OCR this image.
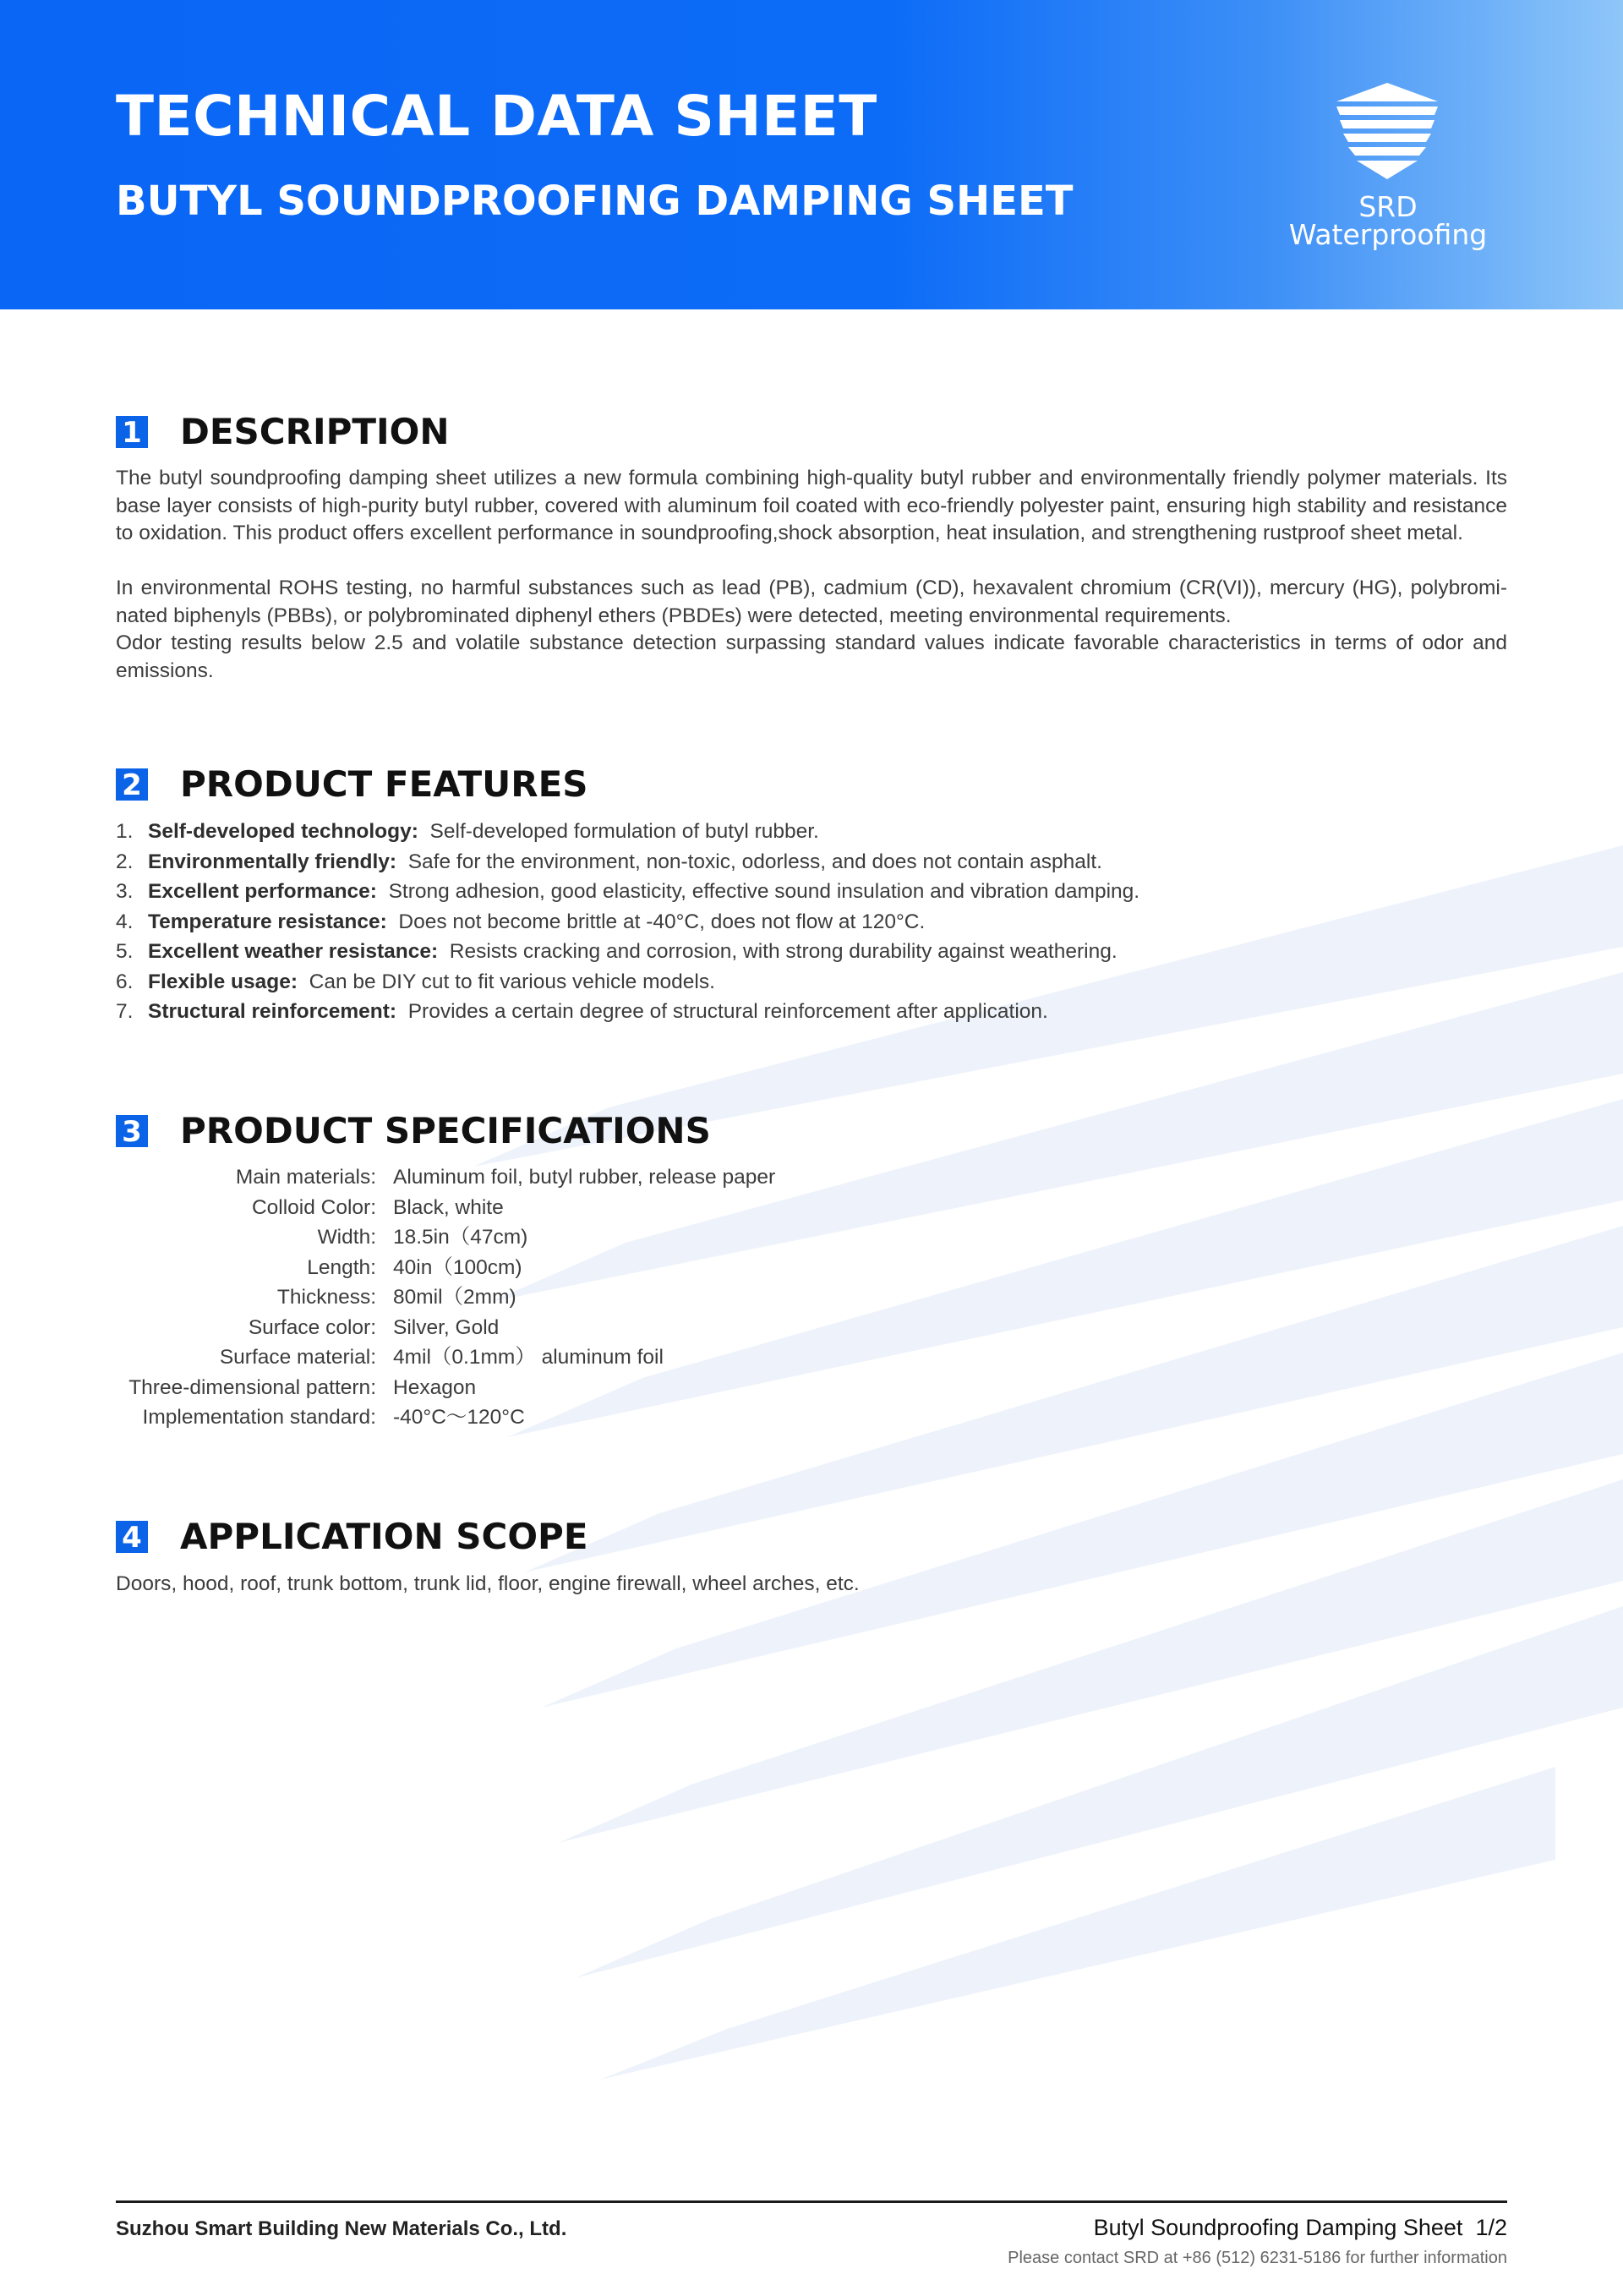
TECHNICAL DATA SHEET
BUTYL SOUNDPROOFING DAMPING SHEET	SRD Waterproofing
1 DESCRIPTION

The butyl soundproofing damping sheet utilizes a new formula combining high-quality butyl rubber and environmentally friendly polymer materials. Its base layer consists of high-purity butyl rubber, covered with aluminum foil coated with eco-friendly polyester paint, ensuring high stability and resistance to oxidation. This product offers excellent performance in soundproofing,shock absorption, heat insulation, and strengthening rustproof sheet metal.

In environmental ROHS testing, no harmful substances such as lead (PB), cadmium (CD), hexavalent chromium (CR(VI)), mercury (HG), polybromi-nated biphenyls (PBBs), or polybrominated diphenyl ethers (PBDEs) were detected, meeting environmental requirements.

Odor testing results below 2.5 and volatile substance detection surpassing standard values indicate favorable characteristics in terms of odor and emissions.

2 PRODUCT FEATURES
1. Self-developed technology: Self-developed formulation of butyl rubber.
2. Environmentally friendly: Safe for the environment, non-toxic, odorless, and does not contain asphalt.
3. Excellent performance: Strong adhesion, good elasticity, effective sound insulation and vibration damping.
4. Temperature resistance: Does not become brittle at -40°C, does not flow at 120°C.
5. Excellent weather resistance: Resists cracking and corrosion, with strong durability against weathering.
6. Flexible usage: Can be DIY cut to fit various vehicle models.
7. Structural reinforcement: Provides a certain degree of structural reinforcement after application.
3 PRODUCT SPECIFICATIONS
Main materials: Aluminum foil, butyl rubber, release paper
Colloid Color: Black, white
Width: 18.5in（47cm)
Length: 40in（100cm)
Thickness: 80mil（2mm)
Surface color: Silver, Gold
Surface material: 4mil（0.1mm） aluminum foil
Three-dimensional pattern: Hexagon
Implementation standard: -40°C～120°C
4 APPLICATION SCOPE

Doors, hood, roof, trunk bottom, trunk lid, floor, engine firewall, wheel arches, etc.

Suzhou Smart Building New Materials Co., Ltd.	Butyl Soundproofing Damping Sheet 1/2
Please contact SRD at +86 (512) 6231-5186 for further information
